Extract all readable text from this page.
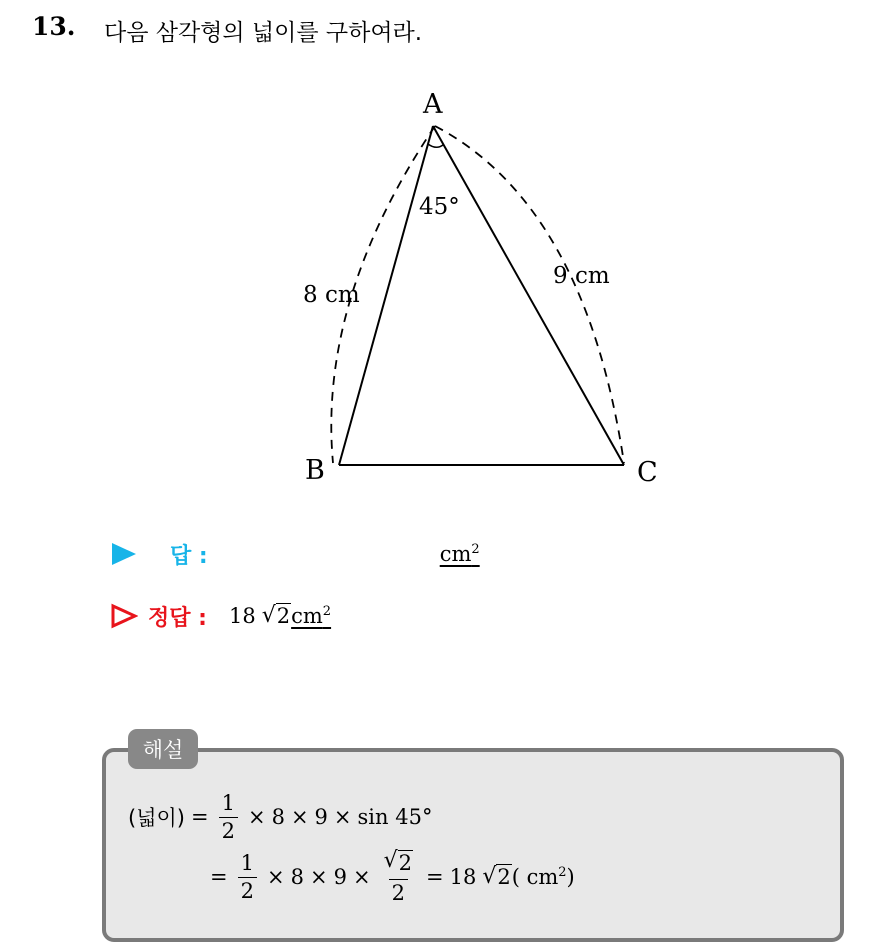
13. 다음 삼각형의 넓이를 구하여라.
A
B	C
45°
8 cm
9 cm
답 :	$cm^2$
정답 : 18 √ 2 $cm^2$
해설
(넓이) = $\frac{1}{2} \times 8 \times 9 \times \sin 45^\circ$
= $\frac{1}{2} \times 8 \times 9 \times \frac{√ 2}{2} = 18$ √ 2 ( $cm^2$)
